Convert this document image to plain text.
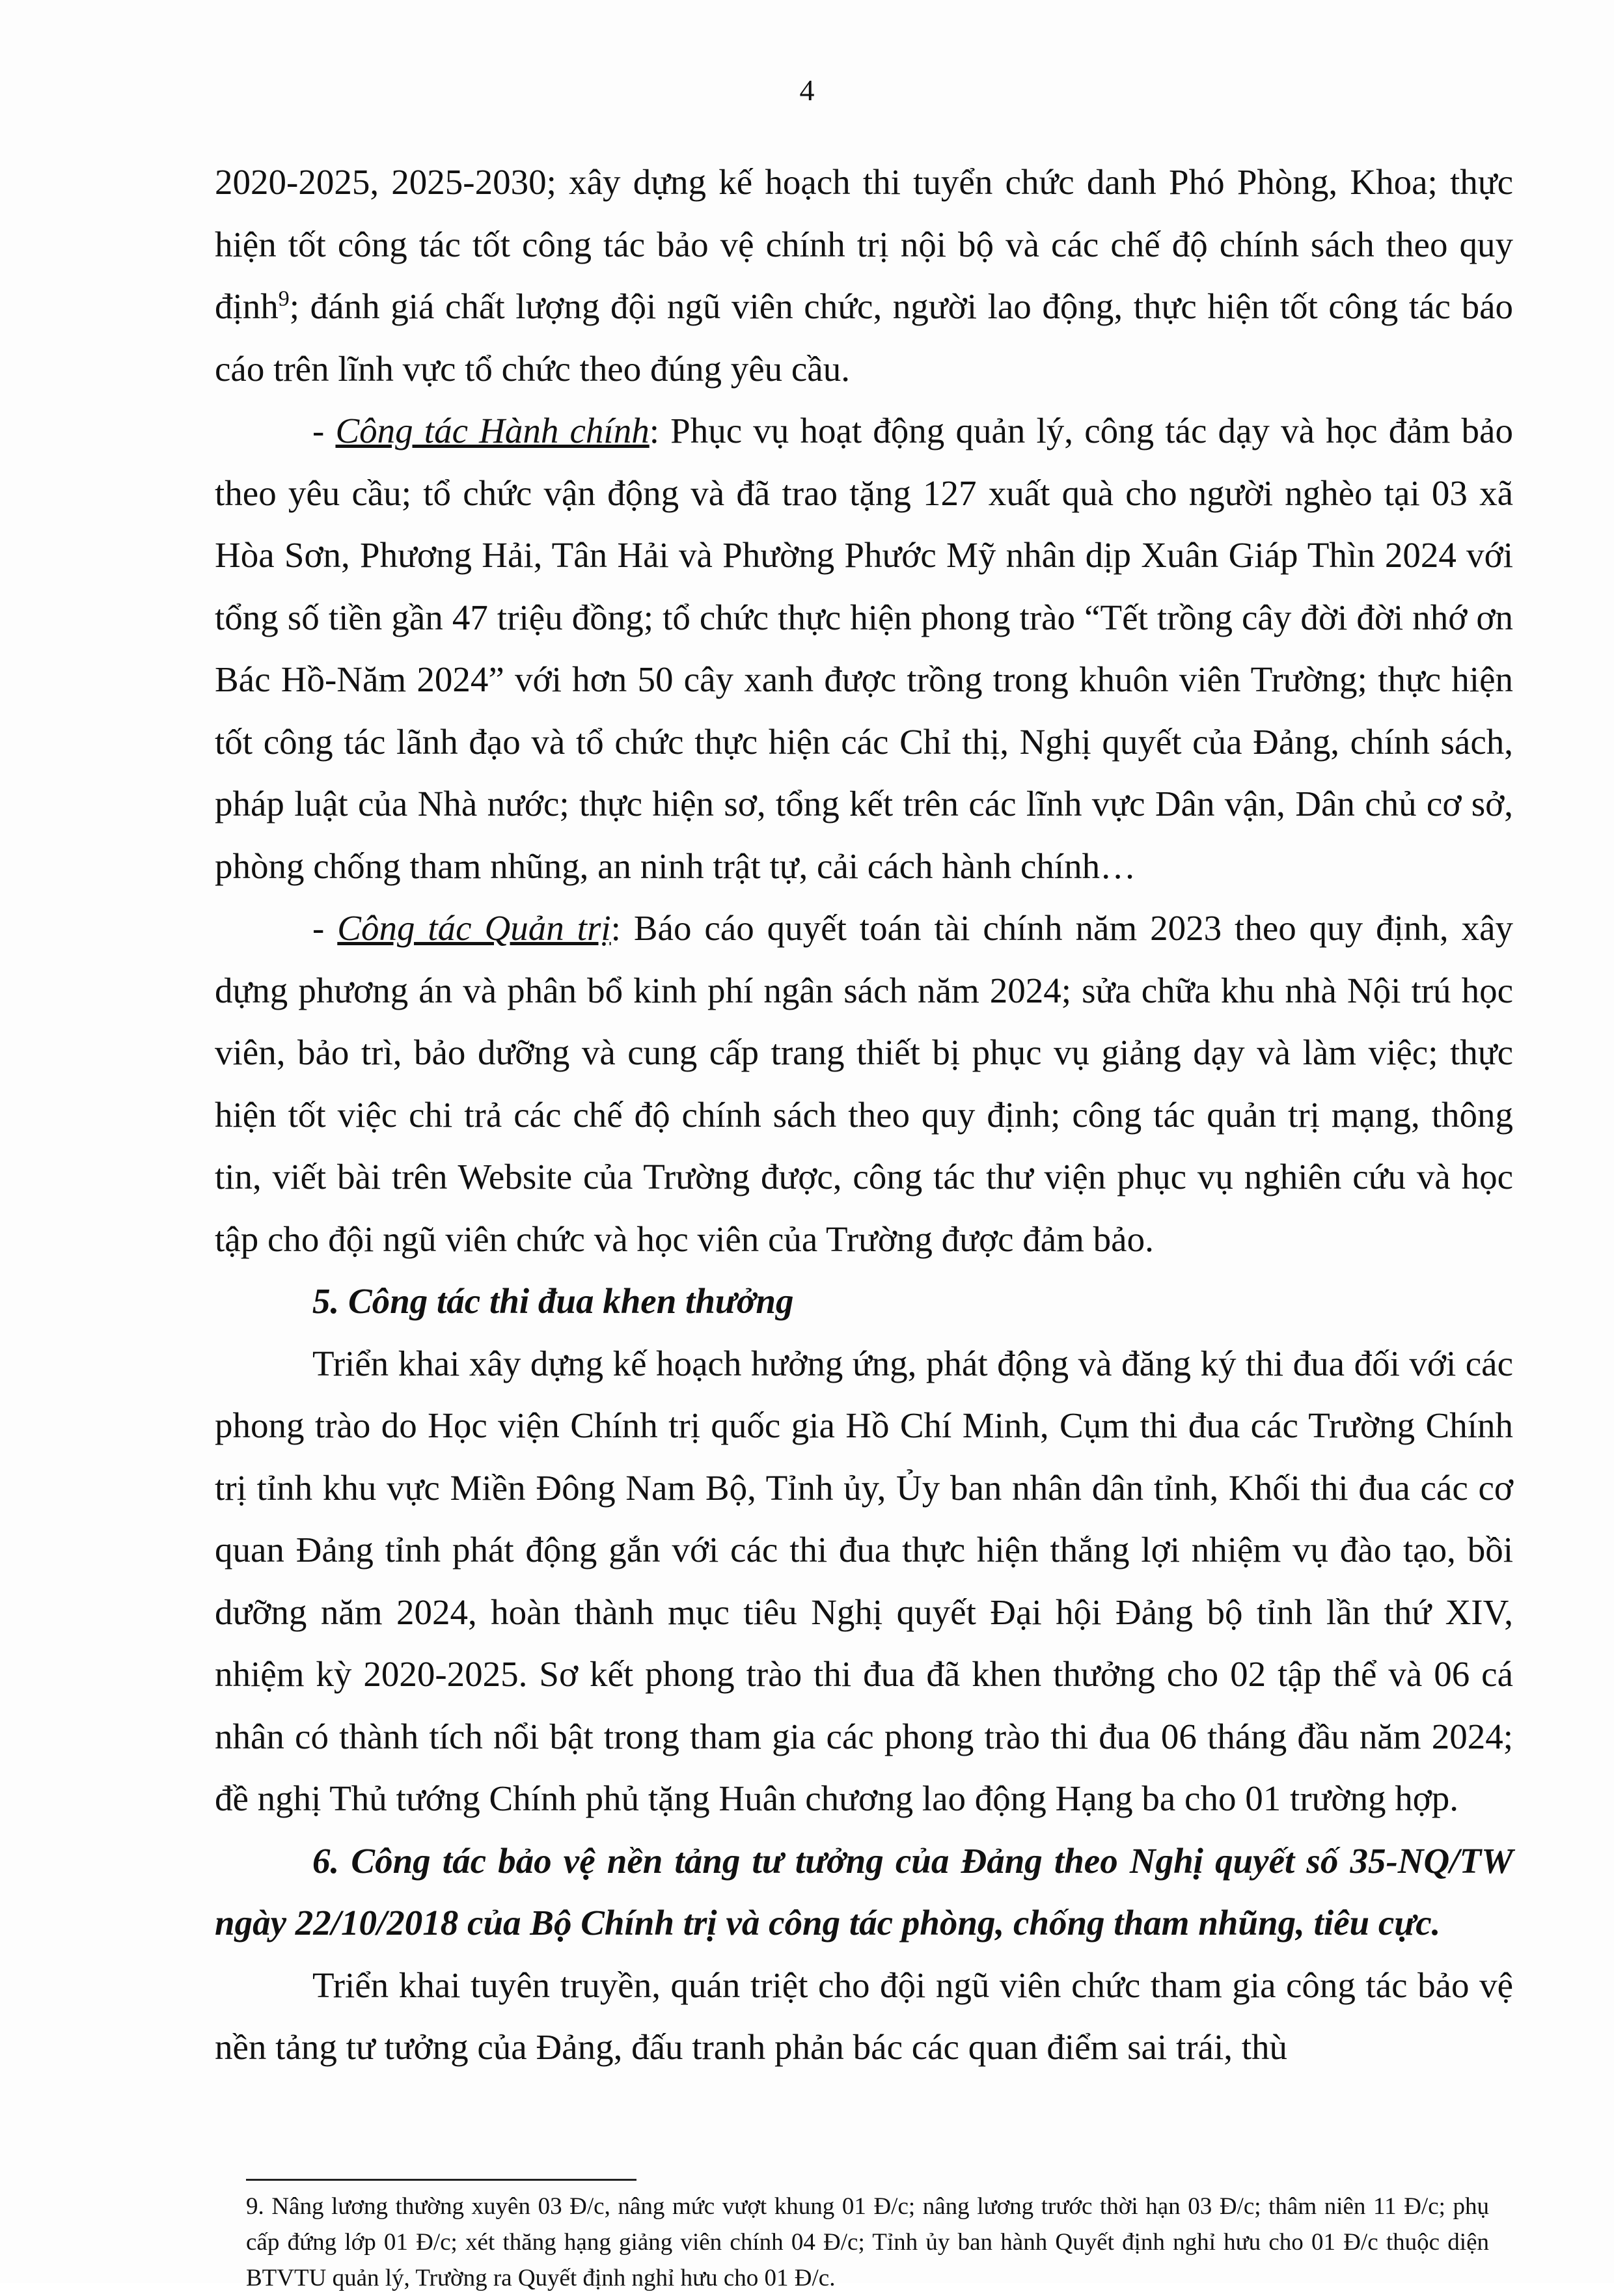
4

2020-2025, 2025-2030; xây dựng kế hoạch thi tuyển chức danh Phó Phòng, Khoa; thực hiện tốt công tác tốt công tác bảo vệ chính trị nội bộ và các chế độ chính sách theo quy định$^9$; đánh giá chất lượng đội ngũ viên chức, người lao động, thực hiện tốt công tác báo cáo trên lĩnh vực tổ chức theo đúng yêu cầu.

- Công tác Hành chính: Phục vụ hoạt động quản lý, công tác dạy và học đảm bảo theo yêu cầu; tổ chức vận động và đã trao tặng 127 xuất quà cho người nghèo tại 03 xã Hòa Sơn, Phương Hải, Tân Hải và Phường Phước Mỹ nhân dịp Xuân Giáp Thìn 2024 với tổng số tiền gần 47 triệu đồng; tổ chức thực hiện phong trào “Tết trồng cây đời đời nhớ ơn Bác Hồ-Năm 2024” với hơn 50 cây xanh được trồng trong khuôn viên Trường; thực hiện tốt công tác lãnh đạo và tổ chức thực hiện các Chỉ thị, Nghị quyết của Đảng, chính sách, pháp luật của Nhà nước; thực hiện sơ, tổng kết trên các lĩnh vực Dân vận, Dân chủ cơ sở, phòng chống tham nhũng, an ninh trật tự, cải cách hành chính…

- Công tác Quản trị: Báo cáo quyết toán tài chính năm 2023 theo quy định, xây dựng phương án và phân bổ kinh phí ngân sách năm 2024; sửa chữa khu nhà Nội trú học viên, bảo trì, bảo dưỡng và cung cấp trang thiết bị phục vụ giảng dạy và làm việc; thực hiện tốt việc chi trả các chế độ chính sách theo quy định; công tác quản trị mạng, thông tin, viết bài trên Website của Trường được, công tác thư viện phục vụ nghiên cứu và học tập cho đội ngũ viên chức và học viên của Trường được đảm bảo.

5. Công tác thi đua khen thưởng

Triển khai xây dựng kế hoạch hưởng ứng, phát động và đăng ký thi đua đối với các phong trào do Học viện Chính trị quốc gia Hồ Chí Minh, Cụm thi đua các Trường Chính trị tỉnh khu vực Miền Đông Nam Bộ, Tỉnh ủy, Ủy ban nhân dân tỉnh, Khối thi đua các cơ quan Đảng tỉnh phát động gắn với các thi đua thực hiện thắng lợi nhiệm vụ đào tạo, bồi dưỡng năm 2024, hoàn thành mục tiêu Nghị quyết Đại hội Đảng bộ tỉnh lần thứ XIV, nhiệm kỳ 2020-2025. Sơ kết phong trào thi đua đã khen thưởng cho 02 tập thể và 06 cá nhân có thành tích nổi bật trong tham gia các phong trào thi đua 06 tháng đầu năm 2024; đề nghị Thủ tướng Chính phủ tặng Huân chương lao động Hạng ba cho 01 trường hợp.

6. Công tác bảo vệ nền tảng tư tưởng của Đảng theo Nghị quyết số 35-NQ/TW ngày 22/10/2018 của Bộ Chính trị và công tác phòng, chống tham nhũng, tiêu cực.

Triển khai tuyên truyền, quán triệt cho đội ngũ viên chức tham gia công tác bảo vệ nền tảng tư tưởng của Đảng, đấu tranh phản bác các quan điểm sai trái, thù

9. Nâng lương thường xuyên 03 Đ/c, nâng mức vượt khung 01 Đ/c; nâng lương trước thời hạn 03 Đ/c; thâm niên 11 Đ/c; phụ cấp đứng lớp 01 Đ/c; xét thăng hạng giảng viên chính 04 Đ/c; Tỉnh ủy ban hành Quyết định nghỉ hưu cho 01 Đ/c thuộc diện BTVTU quản lý, Trường ra Quyết định nghỉ hưu cho 01 Đ/c.
